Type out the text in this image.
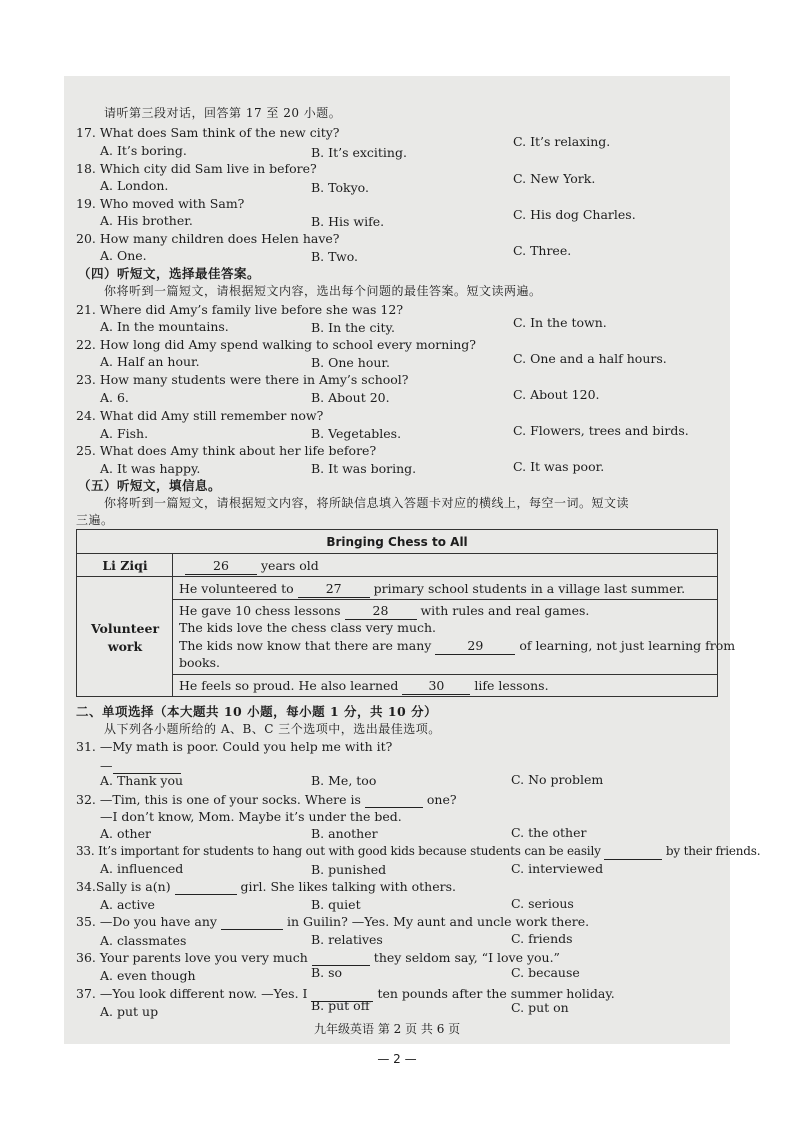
请听第三段对话，回答第 17 至 20 小题。
17. What does Sam think of the new city?
A. It’s boring.	B. It’s exciting.
C. It’s relaxing.
18. Which city did Sam live in before?
A. London.	B. Tokyo.
C. New York.
19. Who moved with Sam?
A. His brother.	B. His wife.	C. His dog Charles.
20. How many children does Helen have?
A. One.	B. Two.	C. Three.
（四）听短文，选择最佳答案。
你将听到一篇短文，请根据短文内容，选出每个问题的最佳答案。短文读两遍。
21. Where did Amy’s family live before she was 12?
A. In the mountains.	B. In the city.	C. In the town.
22. How long did Amy spend walking to school every morning?
A. Half an hour.	B. One hour.	C. One and a half hours.
23. How many students were there in Amy’s school?
A. 6.	B. About 20.	C. About 120.
24. What did Amy still remember now?
A. Fish.	B. Vegetables.	C. Flowers, trees and birds.
25. What does Amy think about her life before?
A. It was happy.	B. It was boring.	C. It was poor.
（五）听短文，填信息。
你将听到一篇短文，请根据短文内容，将所缺信息填入答题卡对应的横线上，每空一词。短文读
三遍。
Bringing Chess to All
Li Ziqi	26	years old
Volunteer
work
He volunteered to	27	primary school students in a village last summer.
He gave 10 chess lessons	28	with rules and real games.
The kids love the chess class very much.
The kids now know that there are many	29	of learning, not just learning from
books.
He feels so proud. He also learned 30 life lessons.
二、单项选择（本大题共 10 小题，每小题 1 分，共 10 分）
从下列各小题所给的 A、B、C 三个选项中，选出最佳选项。
31. —My math is poor. Could you help me with it?
—
A. Thank you	B. Me, too	C. No problem
32. —Tim, this is one of your socks. Where is	one?
—I don’t know, Mom. Maybe it’s under the bed.
A. other	B. another	C. the other
33. It’s important for students to hang out with good kids because students can be easily	by their friends.
A. influenced	B. punished	C. interviewed
34.Sally is a(n)	girl. She likes talking with others.
A. active	B. quiet	C. serious
35. —Do you have any	in Guilin? —Yes. My aunt and uncle work there.
A. classmates	B. relatives	C. friends
36. Your parents love you very much	they seldom say, “I love you.”
A. even though	B. so	C. because
37. —You look different now. —Yes. I	ten pounds after the summer holiday.
A. put up	B. put off	C. put on
九年级英语 第 2 页 共 6 页
— 2 —
